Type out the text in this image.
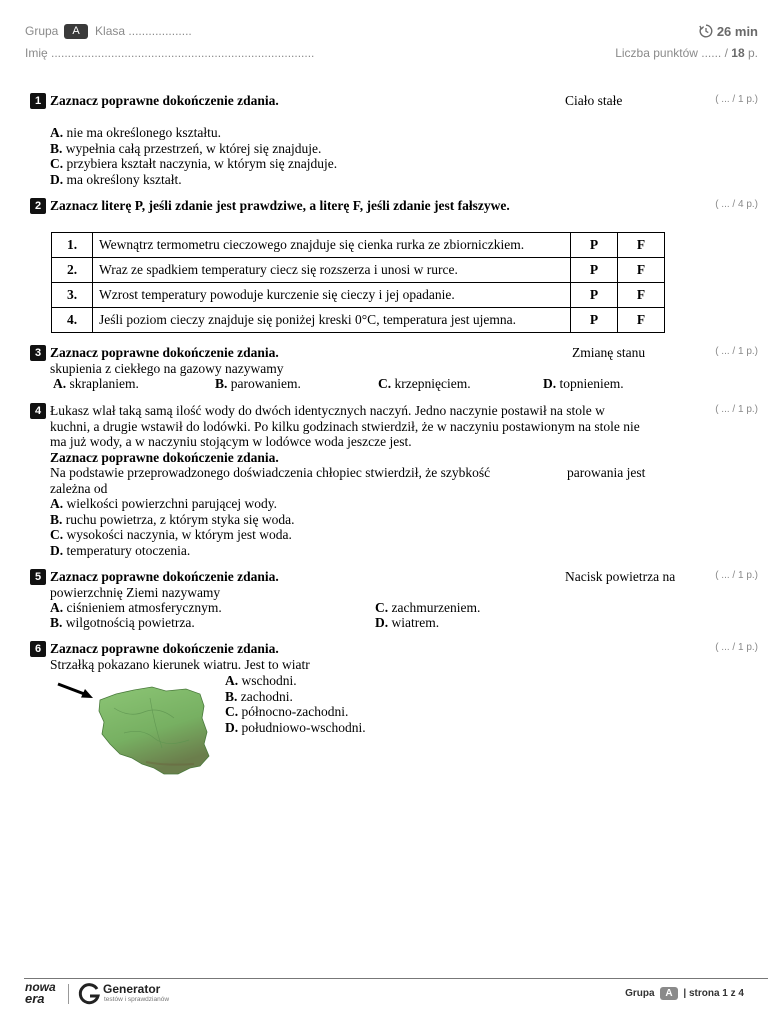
Grupa A Klasa ...................
Imię ...............................................................................
26 min
Liczba punktów ...... / 18 p.
1 Zaznacz poprawne dokończenie zdania.	Ciało stałe	( ... / 1 p.)
A. nie ma określonego kształtu.
B. wypełnia całą przestrzeń, w której się znajduje.
C. przybiera kształt naczynia, w którym się znajduje.
D. ma określony kształt.
2 Zaznacz literę P, jeśli zdanie jest prawdziwe, a literę F, jeśli zdanie jest fałszywe.	( ... / 4 p.)
1.	Wewnątrz termometru cieczowego znajduje się cienka rurka ze zbiorniczkiem.	P	F
2.	Wraz ze spadkiem temperatury ciecz się rozszerza i unosi w rurce.	P	F
3.	Wzrost temperatury powoduje kurczenie się cieczy i jej opadanie.	P	F
4.	Jeśli poziom cieczy znajduje się poniżej kreski 0°C, temperatura jest ujemna.	P	F
3 Zaznacz poprawne dokończenie zdania.	Zmianę stanu	( ... / 1 p.)
skupienia z ciekłego na gazowy nazywamy
A. skraplaniem.	B. parowaniem.	C. krzepnięciem.	D. topnieniem.
4 Łukasz wlał taką samą ilość wody do dwóch identycznych naczyń. Jedno naczynie postawił na stole w
kuchni, a drugie wstawił do lodówki. Po kilku godzinach stwierdził, że w naczyniu postawionym na stole nie
ma już wody, a w naczyniu stojącym w lodówce woda jeszcze jest.
Zaznacz poprawne dokończenie zdania.
Na podstawie przeprowadzonego doświadczenia chłopiec stwierdził, że szybkość	parowania jest
zależna od
A. wielkości powierzchni parującej wody.
B. ruchu powietrza, z którym styka się woda.
C. wysokości naczynia, w którym jest woda.
D. temperatury otoczenia.
( ... / 1 p.)
5 Zaznacz poprawne dokończenie zdania.	Nacisk powietrza na	( ... / 1 p.)
powierzchnię Ziemi nazywamy
A. ciśnieniem atmosferycznym.
B. wilgotnością powietrza.
C. zachmurzeniem.
D. wiatrem.
6 Zaznacz poprawne dokończenie zdania.	( ... / 1 p.)
Strzałką pokazano kierunek wiatru. Jest to wiatr
A. wschodni.
B. zachodni.
C. północno-zachodni.
D. południowo-wschodni.
nowa
era
Generator
testów i sprawdzianów
Grupa A | strona 1 z 4
